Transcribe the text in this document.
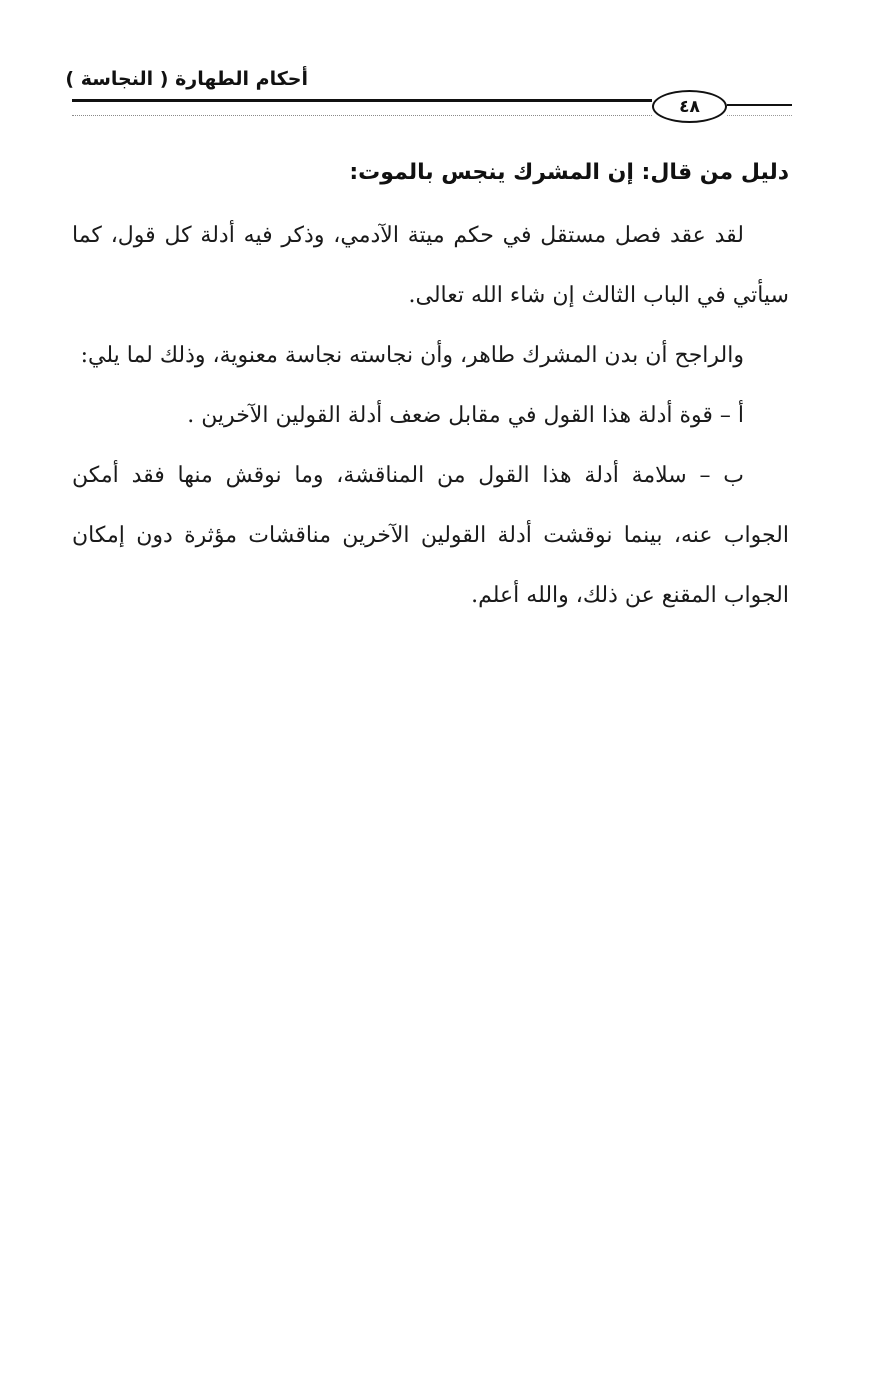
أحكام الطهارة ( النجاسة )
٤٨
دليل من قال: إن المشرك ينجس بالموت:

لقد عقد فصل مستقل في حكم ميتة الآدمي، وذكر فيه أدلة كل قول، كما سيأتي في الباب الثالث إن شاء الله تعالى.

والراجح أن بدن المشرك طاهر، وأن نجاسته نجاسة معنوية، وذلك لما يلي:

أ – قوة أدلة هذا القول في مقابل ضعف أدلة القولين الآخرين .

ب – سلامة أدلة هذا القول من المناقشة، وما نوقش منها فقد أمكن الجواب عنه، بينما نوقشت أدلة القولين الآخرين مناقشات مؤثرة دون إمكان الجواب المقنع عن ذلك، والله أعلم.
